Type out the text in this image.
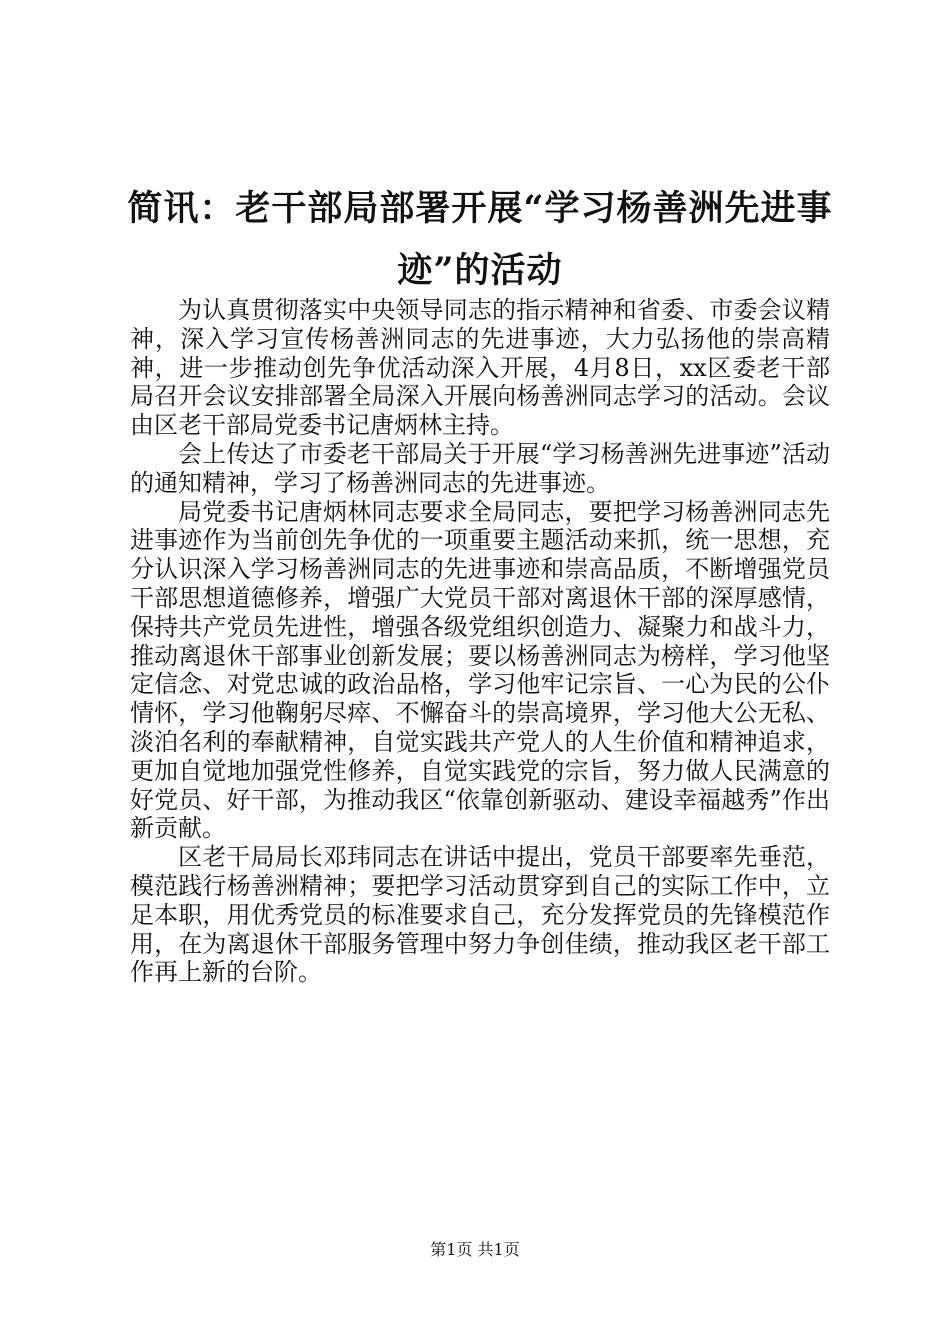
简讯：老干部局部署开展“学习杨善洲先进事
迹”的活动

为认真贯彻落实中央领导同志的指示精神和省委、市委会议精神，深入学习宣传杨善洲同志的先进事迹，大力弘扬他的崇高精神，进一步推动创先争优活动深入开展，4月8日，xx区委老干部局召开会议安排部署全局深入开展向杨善洲同志学习的活动。会议由区老干部局党委书记唐炳林主持。

会上传达了市委老干部局关于开展“学习杨善洲先进事迹”活动的通知精神，学习了杨善洲同志的先进事迹。

局党委书记唐炳林同志要求全局同志，要把学习杨善洲同志先进事迹作为当前创先争优的一项重要主题活动来抓，统一思想，充分认识深入学习杨善洲同志的先进事迹和崇高品质，不断增强党员干部思想道德修养，增强广大党员干部对离退休干部的深厚感情，保持共产党员先进性，增强各级党组织创造力、凝聚力和战斗力，推动离退休干部事业创新发展；要以杨善洲同志为榜样，学习他坚定信念、对党忠诚的政治品格，学习他牢记宗旨、一心为民的公仆情怀，学习他鞠躬尽瘁、不懈奋斗的崇高境界，学习他大公无私、淡泊名利的奉献精神，自觉实践共产党人的人生价值和精神追求，更加自觉地加强党性修养，自觉实践党的宗旨，努力做人民满意的好党员、好干部，为推动我区“依靠创新驱动、建设幸福越秀”作出新贡献。

区老干局局长邓玮同志在讲话中提出，党员干部要率先垂范，模范践行杨善洲精神；要把学习活动贯穿到自己的实际工作中，立足本职，用优秀党员的标准要求自己，充分发挥党员的先锋模范作用，在为离退休干部服务管理中努力争创佳绩，推动我区老干部工作再上新的台阶。

第1页 共1页
